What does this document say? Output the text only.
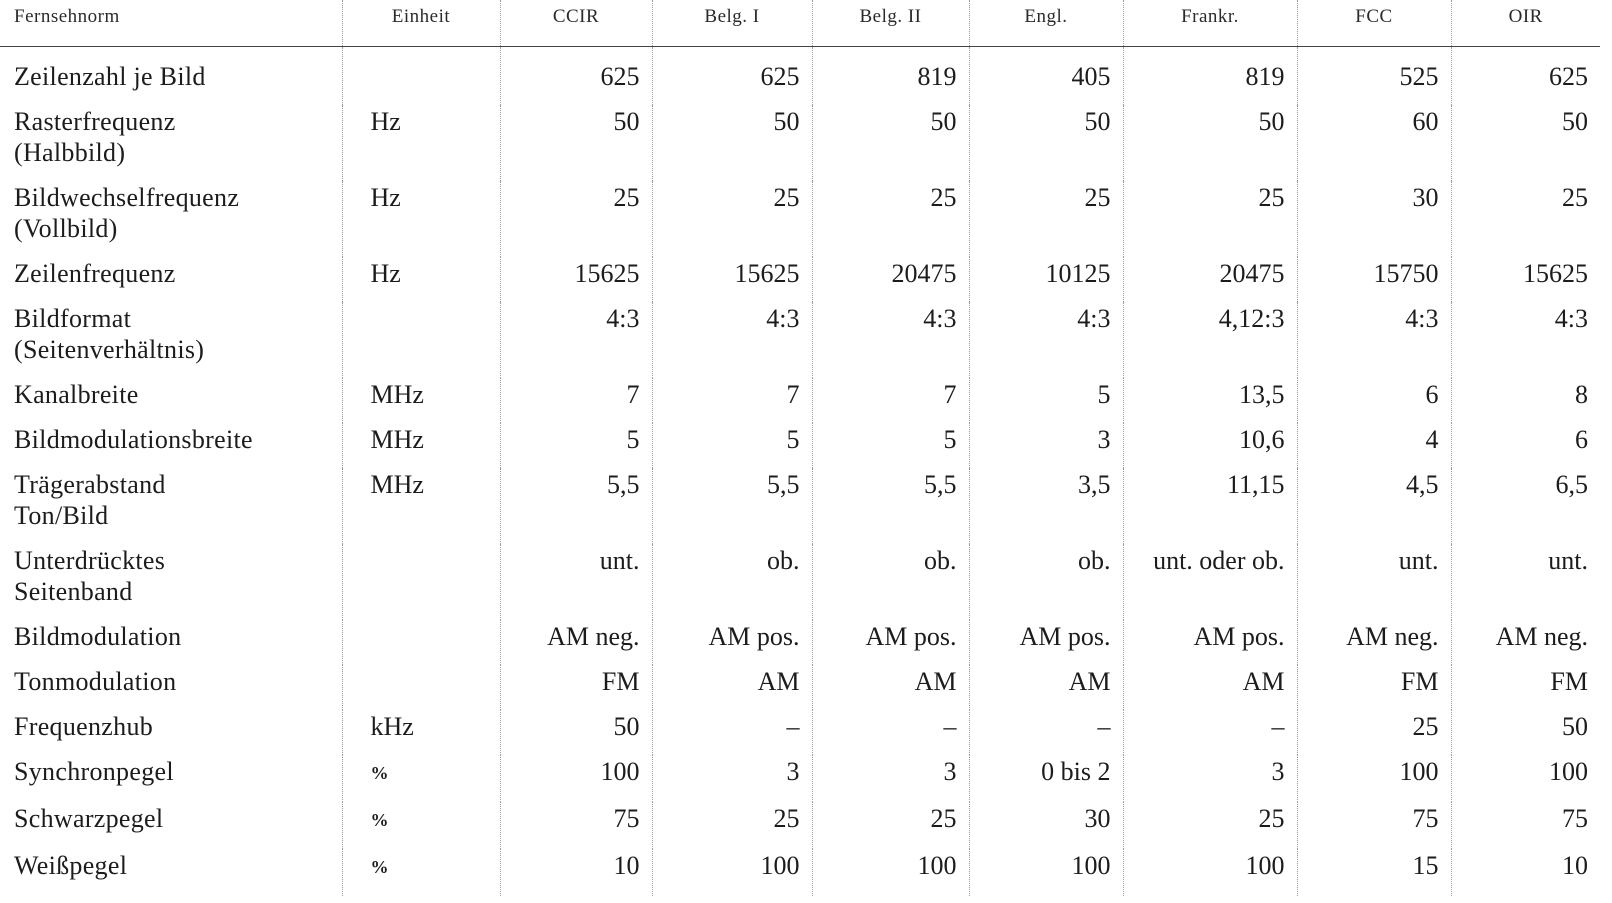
Fernsehnorm	Einheit	CCIR	Belg. I	Belg. II	Engl.	Frankr.	FCC	OIR

Zeilenzahl je Bild		625	625	819	405	819	525	625

Rasterfrequenz
(Halbbild)	Hz	50	50	50	50	50	60	50

Bildwechselfrequenz
(Vollbild)	Hz	25	25	25	25	25	30	25

Zeilenfrequenz	Hz	15625	15625	20475	10125	20475	15750	15625

Bildformat
(Seitenverhältnis)		4:3	4:3	4:3	4:3	4,12:3	4:3	4:3

Kanalbreite	MHz	7	7	7	5	13,5	6	8

Bildmodulationsbreite	MHz	5	5	5	3	10,6	4	6

Trägerabstand
Ton/Bild	MHz	5,5	5,5	5,5	3,5	11,15	4,5	6,5

Unterdrücktes
Seitenband		unt.	ob.	ob.	ob.	unt. oder ob.	unt.	unt.

Bildmodulation		AM neg.	AM pos.	AM pos.	AM pos.	AM pos.	AM neg.	AM neg.

Tonmodulation		FM	AM	AM	AM	AM	FM	FM

Frequenzhub	kHz	50	–	–	–	–	25	50

Synchronpegel	%	100	3	3	0 bis 2	3	100	100

Schwarzpegel	%	75	25	25	30	25	75	75

Weißpegel	%	10	100	100	100	100	15	10
